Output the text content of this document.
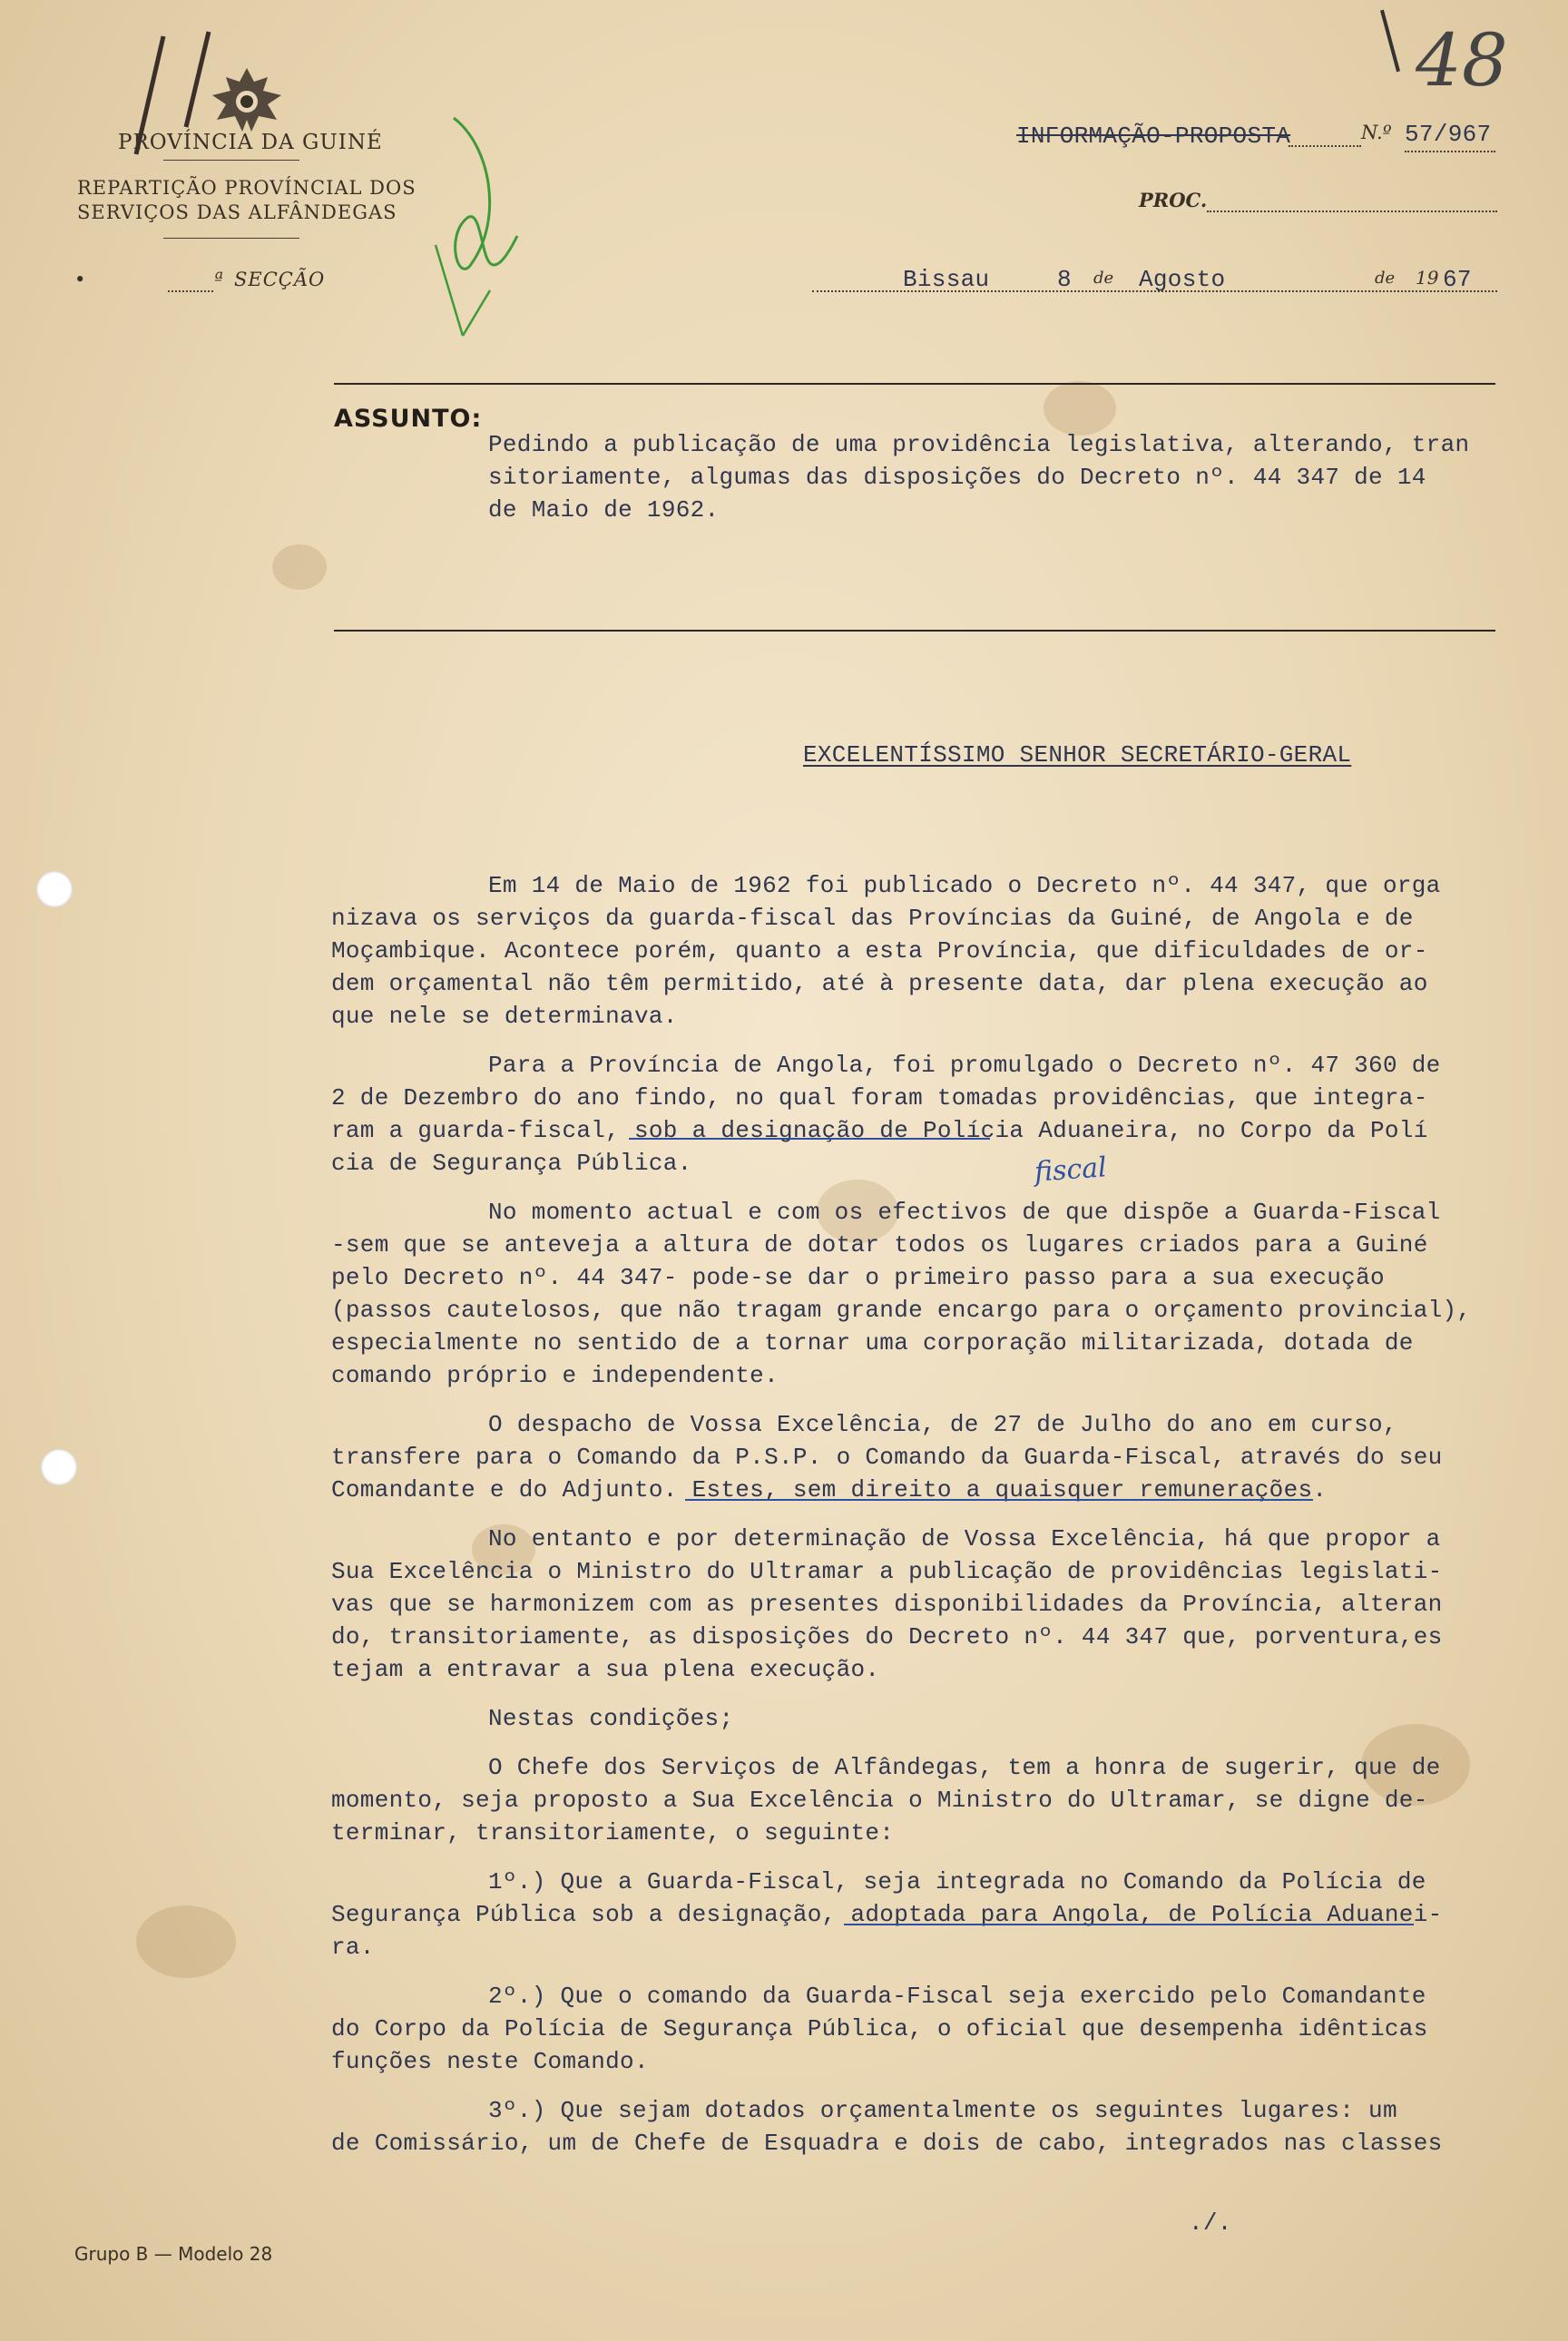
PROVÍNCIA DA GUINÉ
REPARTIÇÃO PROVÍNCIAL DOS
SERVIÇOS DAS ALFÂNDEGAS
•	ª SECÇÃO
48
INFORMAÇÃO-PROPOSTA	N.º 57/967
PROC.
Bissau	8 de Agosto	de 19 67
ASSUNTO:
Pedindo a publicação de uma providência legislativa, alterando, tran
sitoriamente, algumas das disposições do Decreto nº. 44 347 de 14
de Maio de 1962.
EXCELENTÍSSIMO SENHOR SECRETÁRIO-GERAL
Em 14 de Maio de 1962 foi publicado o Decreto nº. 44 347, que orga
nizava os serviços da guarda-fiscal das Províncias da Guiné, de Angola e de
Moçambique. Acontece porém, quanto a esta Província, que dificuldades de or-
dem orçamental não têm permitido, até à presente data, dar plena execução ao
que nele se determinava.
Para a Província de Angola, foi promulgado o Decreto nº. 47 360 de
2 de Dezembro do ano findo, no qual foram tomadas providências, que integra-
ram a guarda-fiscal, sob a designação de Polícia Aduaneira, no Corpo da Polí
cia de Segurança Pública.	fiscal
No momento actual e com os efectivos de que dispõe a Guarda-Fiscal
-sem que se anteveja a altura de dotar todos os lugares criados para a Guiné
pelo Decreto nº. 44 347- pode-se dar o primeiro passo para a sua execução
(passos cautelosos, que não tragam grande encargo para o orçamento provincial),
especialmente no sentido de a tornar uma corporação militarizada, dotada de
comando próprio e independente.
O despacho de Vossa Excelência, de 27 de Julho do ano em curso,
transfere para o Comando da P.S.P. o Comando da Guarda-Fiscal, através do seu
Comandante e do Adjunto. Estes, sem direito a quaisquer remunerações.
No entanto e por determinação de Vossa Excelência, há que propor a
Sua Excelência o Ministro do Ultramar a publicação de providências legislati-
vas que se harmonizem com as presentes disponibilidades da Província, alteran
do, transitoriamente, as disposições do Decreto nº. 44 347 que, porventura,es
tejam a entravar a sua plena execução.
Nestas condições;
O Chefe dos Serviços de Alfândegas, tem a honra de sugerir, que de
momento, seja proposto a Sua Excelência o Ministro do Ultramar, se digne de-
terminar, transitoriamente, o seguinte:
1º.) Que a Guarda-Fiscal, seja integrada no Comando da Polícia de
Segurança Pública sob a designação, adoptada para Angola, de Polícia Aduanei-
ra.
2º.) Que o comando da Guarda-Fiscal seja exercido pelo Comandante
do Corpo da Polícia de Segurança Pública, o oficial que desempenha idênticas
funções neste Comando.
3º.) Que sejam dotados orçamentalmente os seguintes lugares: um
de Comissário, um de Chefe de Esquadra e dois de cabo, integrados nas classes
./.
Grupo B — Modelo 28
